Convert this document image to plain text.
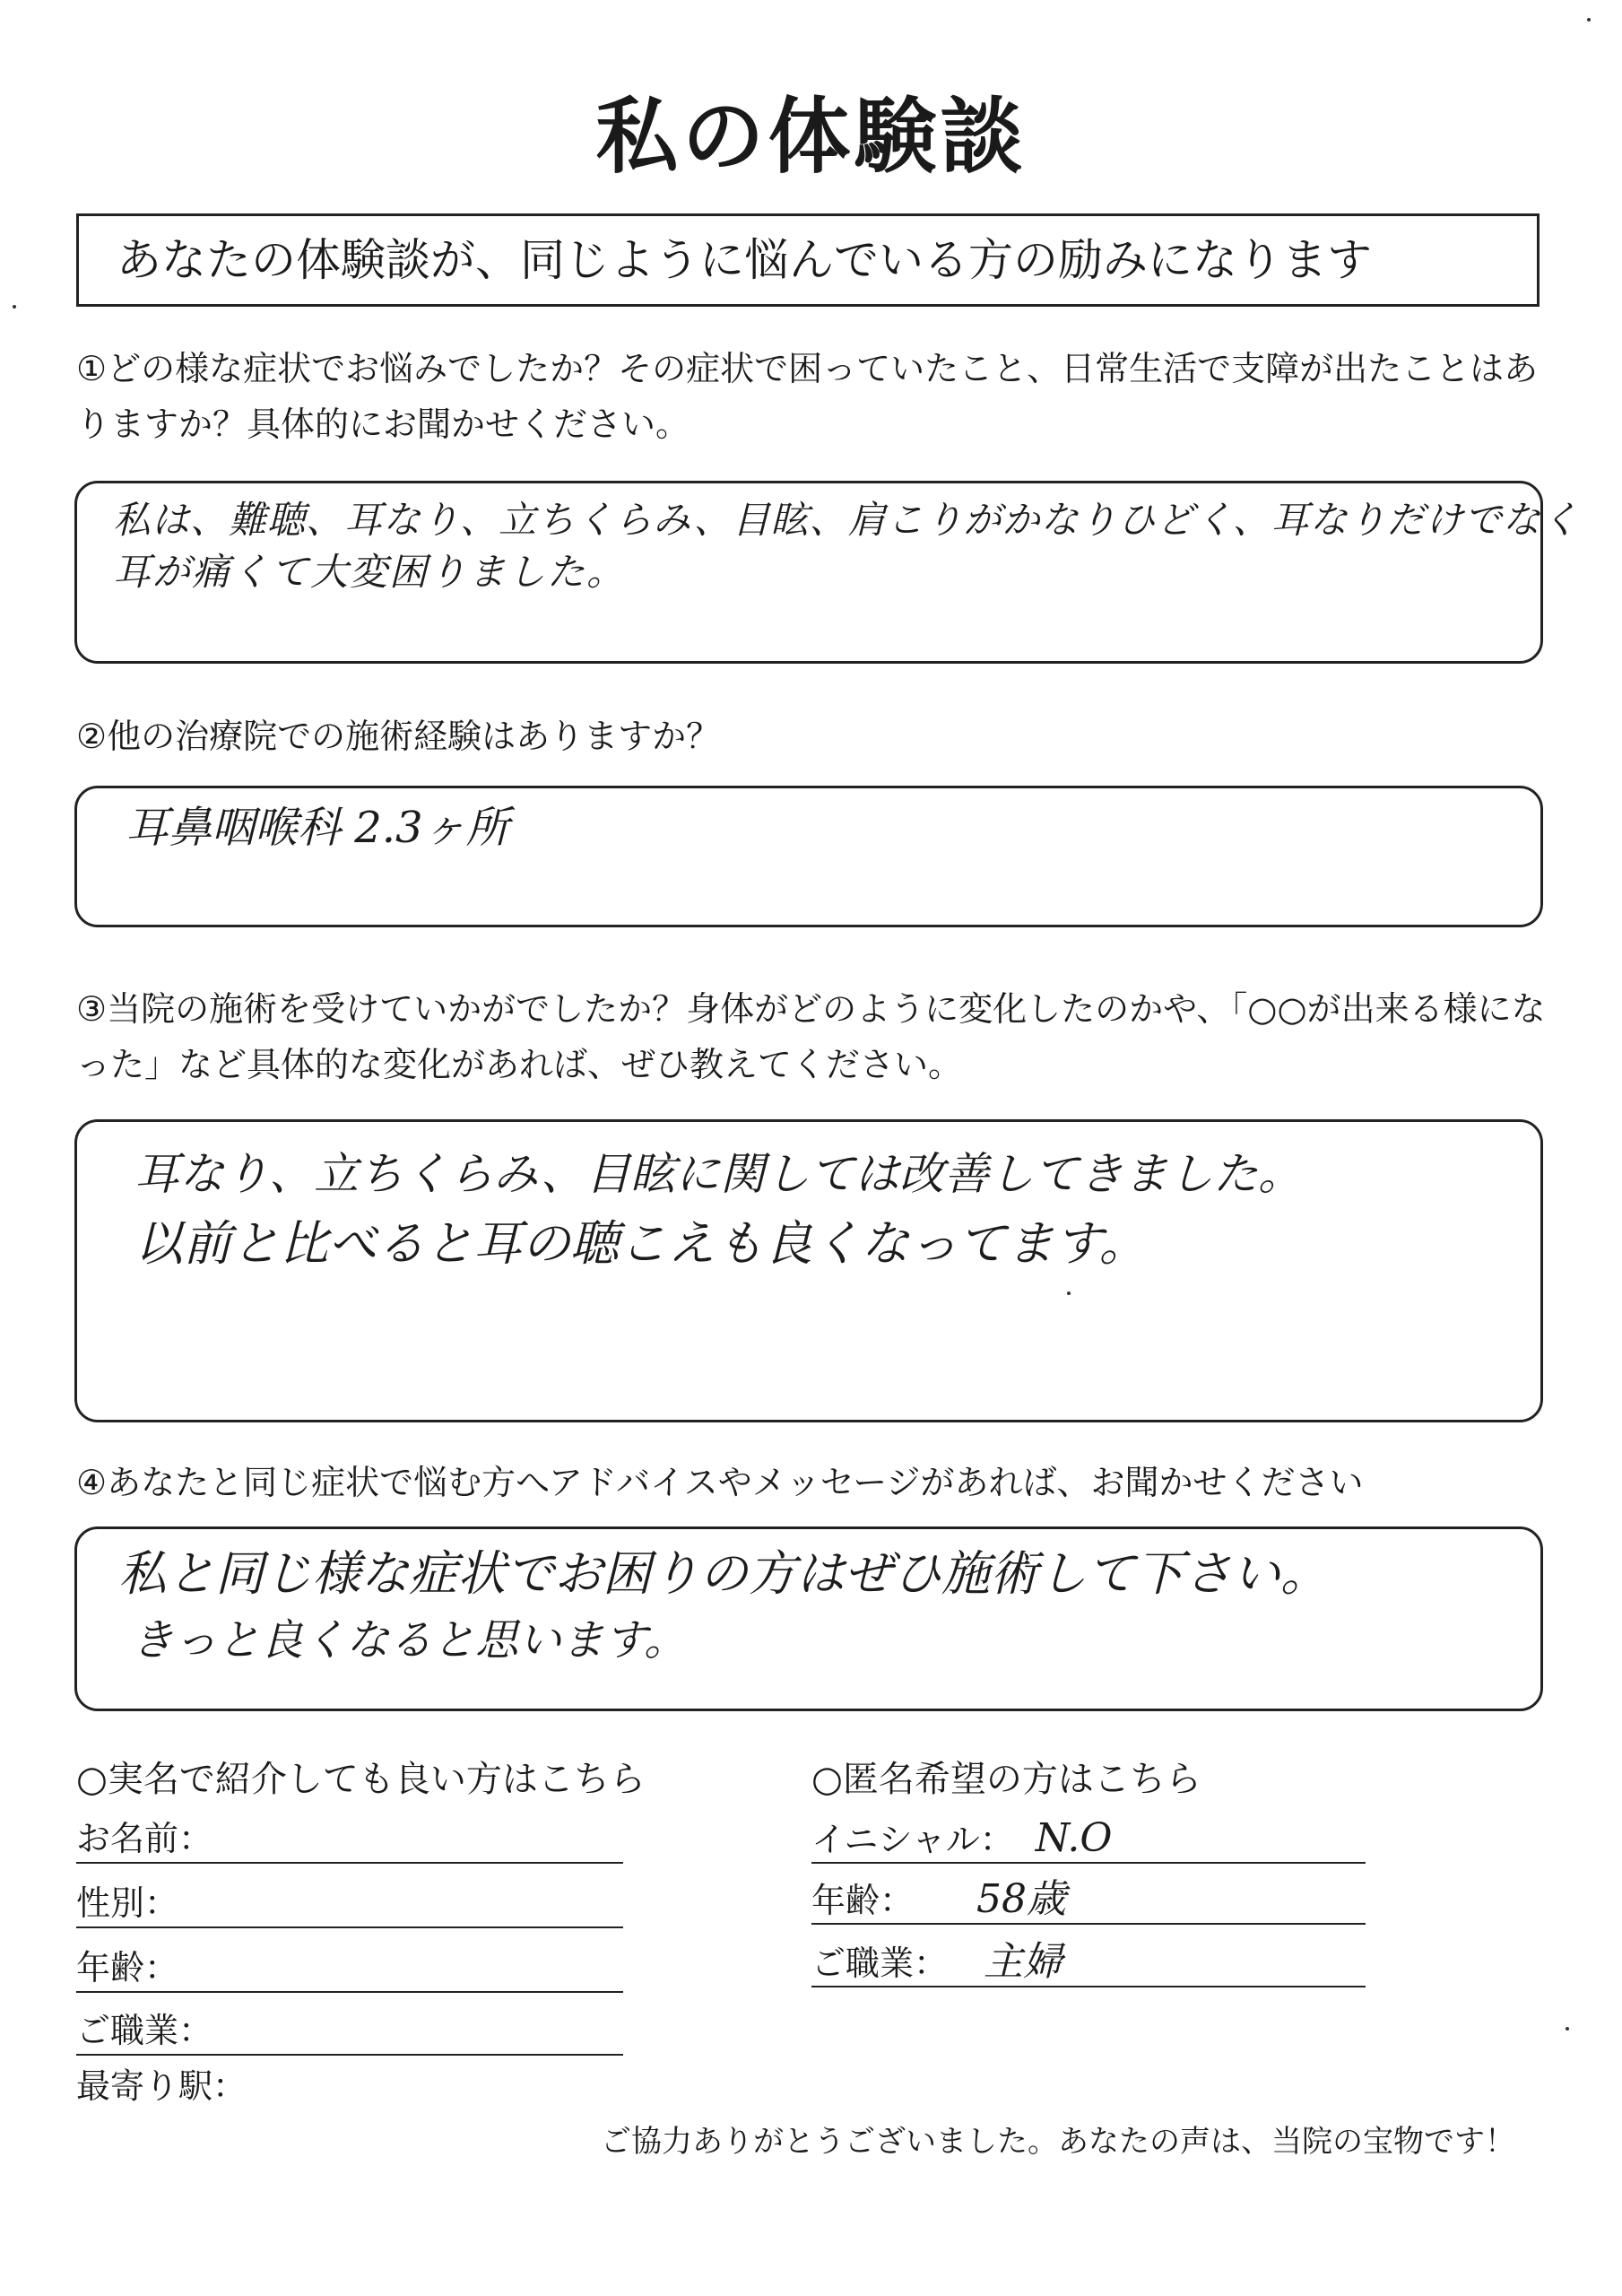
私の体験談
あなたの体験談が、同じように悩んでいる方の励みになります
①どの様な症状でお悩みでしたか？その症状で困っていたこと、日常生活で支障が出たことはありますか？具体的にお聞かせください。
私は、難聴、耳なり、立ちくらみ、目眩、肩こりがかなりひどく、耳なりだけでなく
耳が痛くて大変困りました。
②他の治療院での施術経験はありますか？
耳鼻咽喉科 2.3ヶ所
③当院の施術を受けていかがでしたか？身体がどのように変化したのかや、「○○が出来る様になった」など具体的な変化があれば、ぜひ教えてください。
耳なり、立ちくらみ、目眩に関しては改善してきました。
以前と比べると耳の聴こえも良くなってます。
④あなたと同じ症状で悩む方へアドバイスやメッセージがあれば、お聞かせください
私と同じ様な症状でお困りの方はぜひ施術して下さい。
きっと良くなると思います。
○実名で紹介しても良い方はこちら
お名前：
性別：
年齢：
ご職業：
最寄り駅：
○匿名希望の方はこちら
イニシャル： N.O
年齢： 58歳
ご職業： 主婦
ご協力ありがとうございました。あなたの声は、当院の宝物です！
